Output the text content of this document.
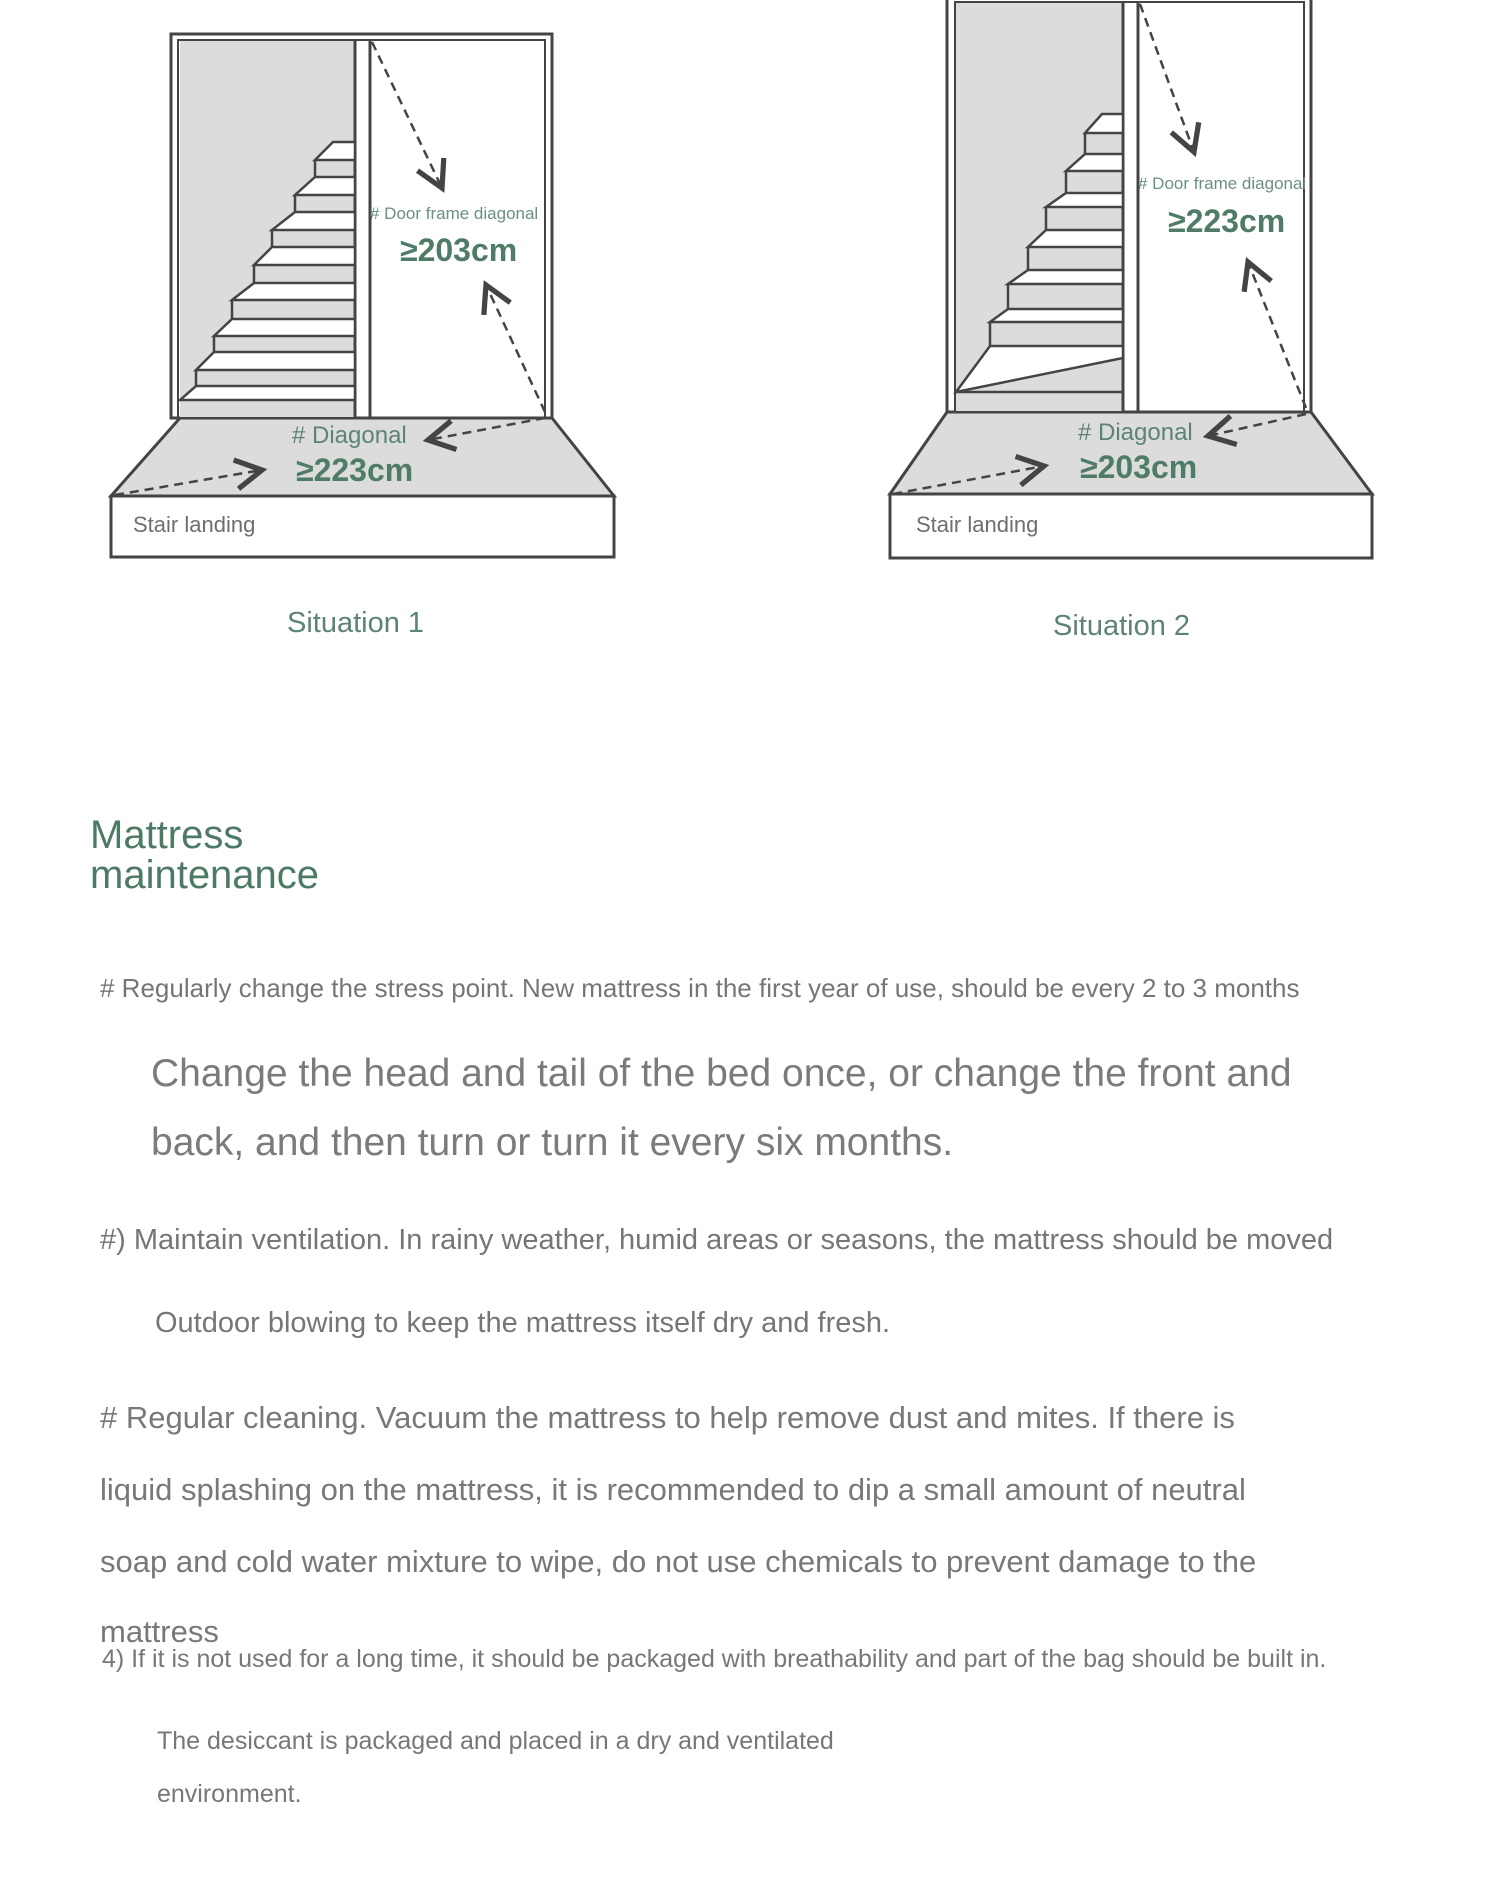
# Door frame diagonal
≥203cm
# Diagonal
≥223cm
Stair landing
Situation 1
# Door frame diagonal
≥223cm
# Diagonal
≥203cm
Stair landing
Situation 2
Mattress
maintenance
# Regularly change the stress point. New mattress in the first year of use, should be every 2 to 3 months
Change the head and tail of the bed once, or change the front and
back, and then turn or turn it every six months.
#) Maintain ventilation. In rainy weather, humid areas or seasons, the mattress should be moved
Outdoor blowing to keep the mattress itself dry and fresh.
# Regular cleaning. Vacuum the mattress to help remove dust and mites. If there is
liquid splashing on the mattress, it is recommended to dip a small amount of neutral
soap and cold water mixture to wipe, do not use chemicals to prevent damage to the
mattress
4) If it is not used for a long time, it should be packaged with breathability and part of the bag should be built in.
The desiccant is packaged and placed in a dry and ventilated
environment.
